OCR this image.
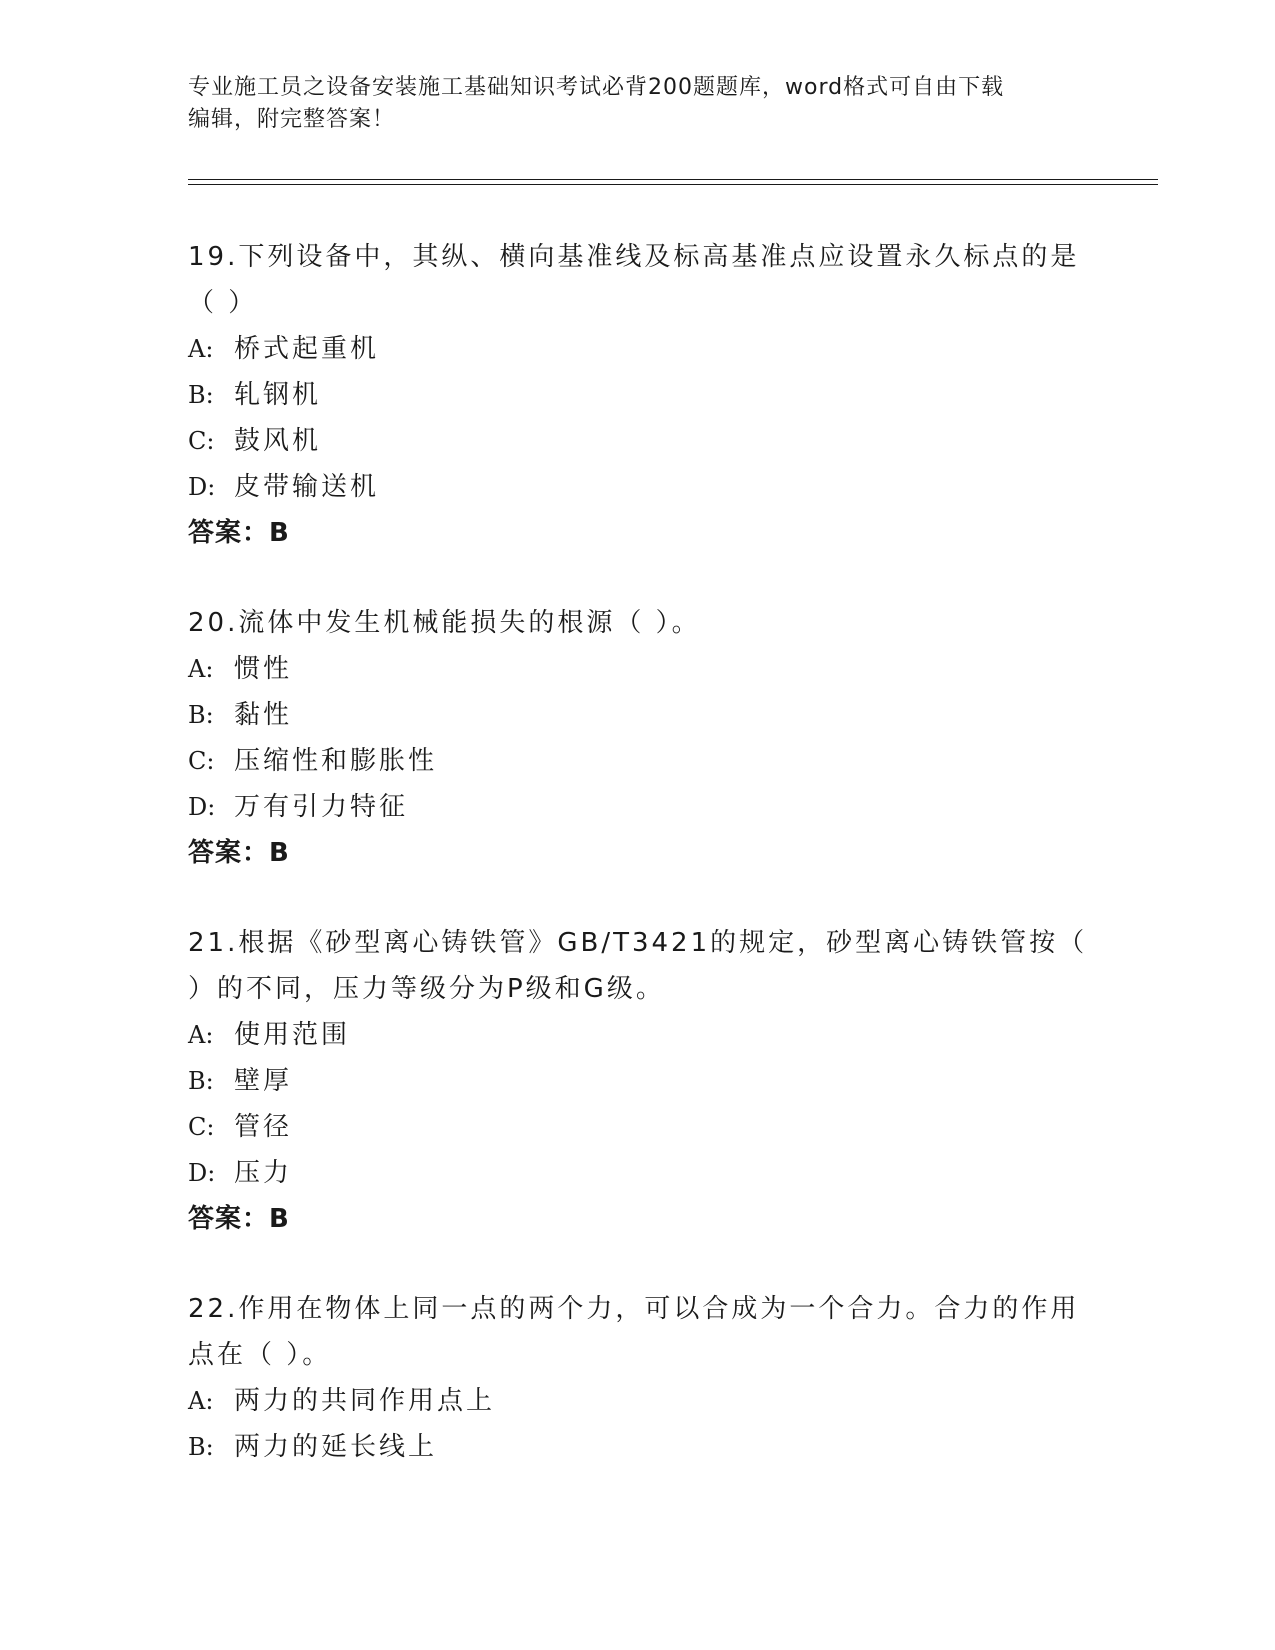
专业施工员之设备安装施工基础知识考试必背200题题库，word格式可自由下载
编辑，附完整答案！
19.下列设备中，其纵、横向基准线及标高基准点应设置永久标点的是
（ ）
A: 桥式起重机
B: 轧钢机
C: 鼓风机
D: 皮带输送机
答案：B
20.流体中发生机械能损失的根源（ ）。
A: 惯性
B: 黏性
C: 压缩性和膨胀性
D: 万有引力特征
答案：B
21.根据《砂型离心铸铁管》GB/T3421的规定，砂型离心铸铁管按（
）的不同，压力等级分为P级和G级。
A: 使用范围
B: 壁厚
C: 管径
D: 压力
答案：B
22.作用在物体上同一点的两个力，可以合成为一个合力。合力的作用
点在（ ）。
A: 两力的共同作用点上
B: 两力的延长线上
